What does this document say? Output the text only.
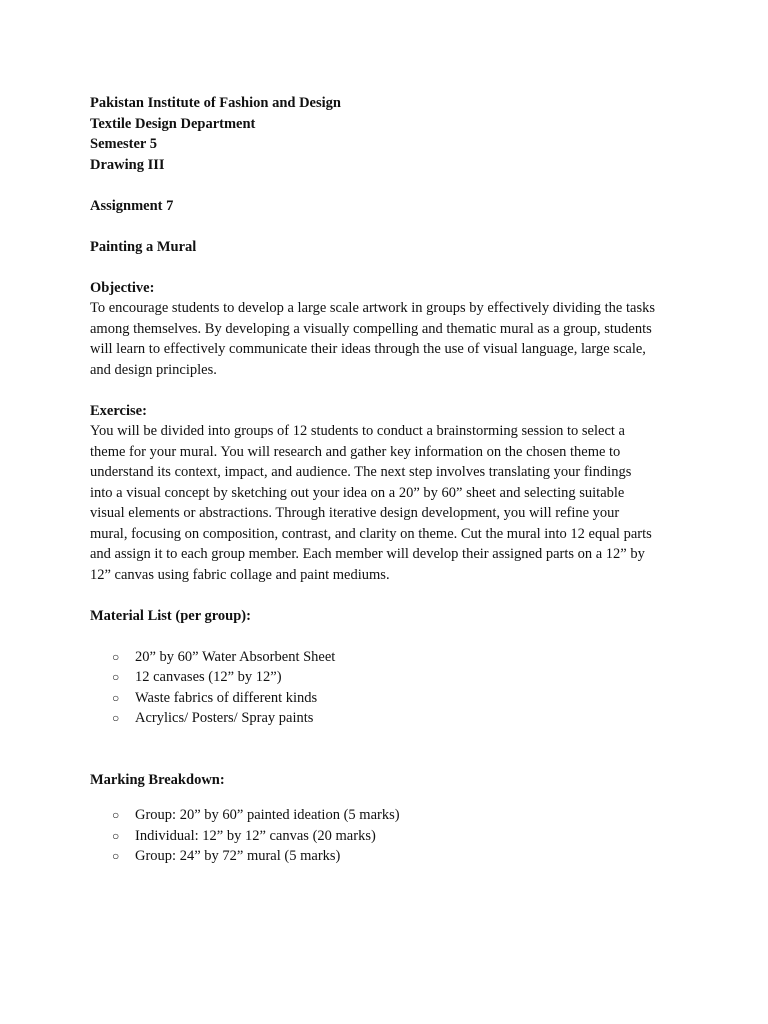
Pakistan Institute of Fashion and Design
Textile Design Department
Semester 5
Drawing III
Assignment 7
Painting a Mural
Objective:
To encourage students to develop a large scale artwork in groups by effectively dividing the tasks
among themselves. By developing a visually compelling and thematic mural as a group, students
will learn to effectively communicate their ideas through the use of visual language, large scale,
and design principles.
Exercise:
You will be divided into groups of 12 students to conduct a brainstorming session to select a
theme for your mural. You will research and gather key information on the chosen theme to
understand its context, impact, and audience. The next step involves translating your findings
into a visual concept by sketching out your idea on a 20” by 60” sheet and selecting suitable
visual elements or abstractions. Through iterative design development, you will refine your
mural, focusing on composition, contrast, and clarity on theme. Cut the mural into 12 equal parts
and assign it to each group member. Each member will develop their assigned parts on a 12” by
12” canvas using fabric collage and paint mediums.
Material List (per group):
○ 20” by 60” Water Absorbent Sheet
○ 12 canvases (12” by 12”)
○ Waste fabrics of different kinds
○ Acrylics/ Posters/ Spray paints
Marking Breakdown:
○ Group: 20” by 60” painted ideation (5 marks)
○ Individual: 12” by 12” canvas (20 marks)
○ Group: 24” by 72” mural (5 marks)
